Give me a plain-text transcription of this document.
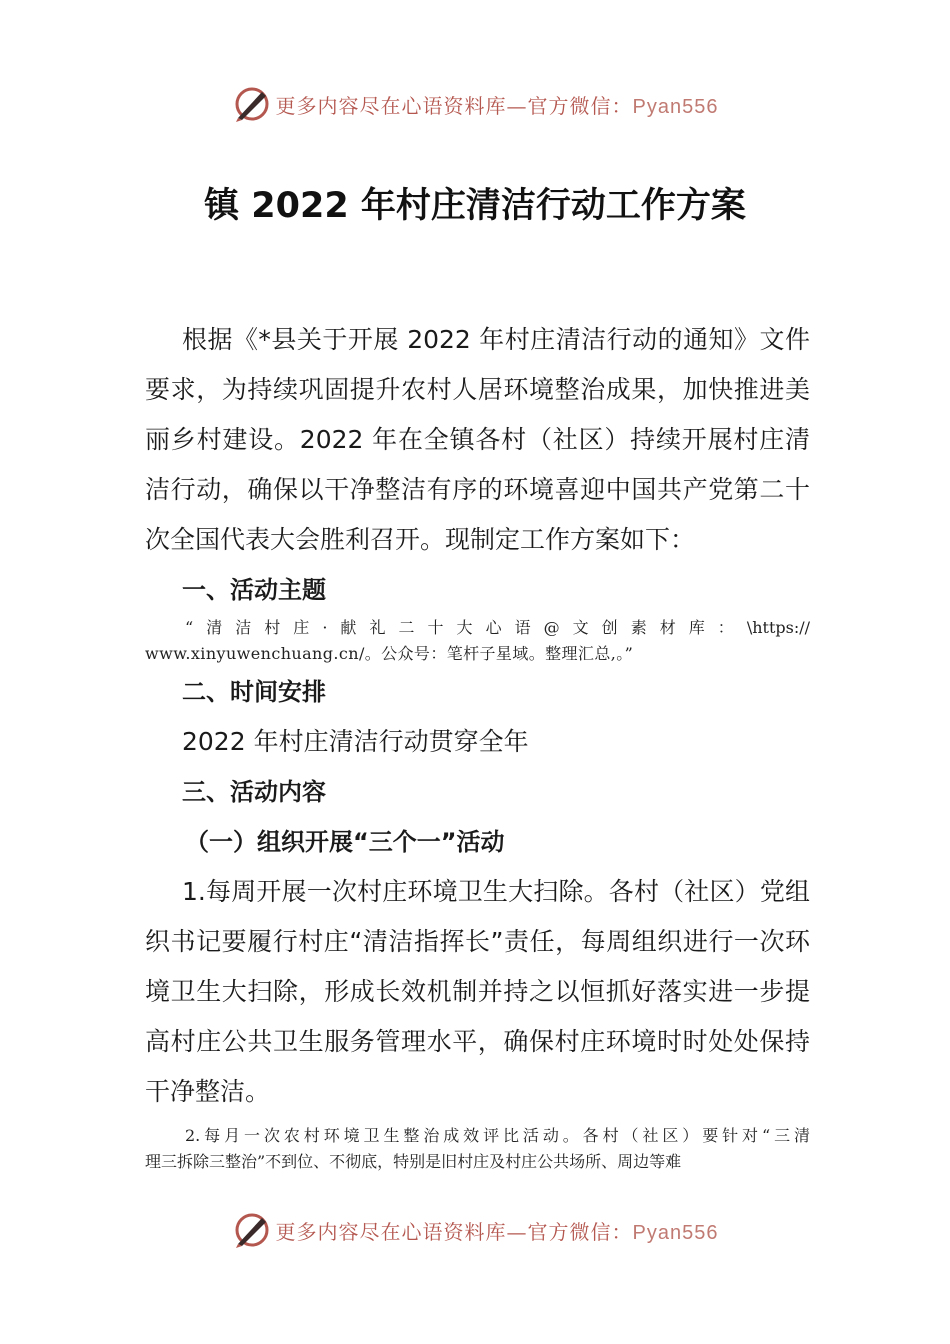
更多内容尽在心语资料库—官方微信：Pyan556
镇 2022 年村庄清洁行动工作方案

根据《*县关于开展 2022 年村庄清洁行动的通知》文件要求，为持续巩固提升农村人居环境整治成果，加快推进美丽乡村建设。2022 年在全镇各村（社区）持续开展村庄清洁行动，确保以干净整洁有序的环境喜迎中国共产党第二十次全国代表大会胜利召开。现制定工作方案如下：

一、活动主题

“清洁村庄·献礼二十大心语@文创素材库：\https://

www.xinyuwenchuang.cn/。公众号：笔杆子星域。整理汇总,。”

二、时间安排

2022 年村庄清洁行动贯穿全年

三、活动内容

（一）组织开展“三个一”活动

1.每周开展一次村庄环境卫生大扫除。各村（社区）党组织书记要履行村庄“清洁指挥长”责任，每周组织进行一次环境卫生大扫除，形成长效机制并持之以恒抓好落实进一步提高村庄公共卫生服务管理水平，确保村庄环境时时处处保持干净整洁。

2.每月一次农村环境卫生整治成效评比活动。各村（社区）要针对“三清

理三拆除三整治”不到位、不彻底，特别是旧村庄及村庄公共场所、周边等难

更多内容尽在心语资料库—官方微信：Pyan556
